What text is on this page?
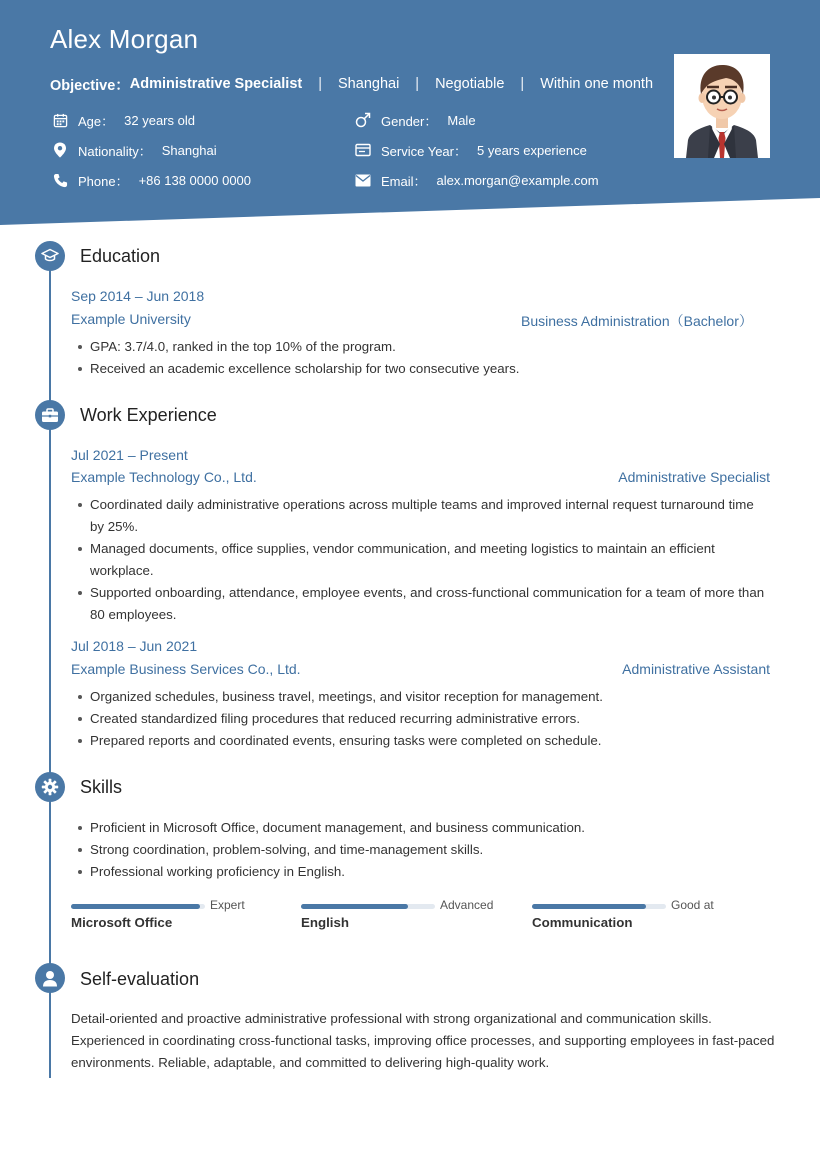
Alex Morgan
Objective： Administrative Specialist | Shanghai | Negotiable | Within one month
Age： 32 years old
Nationality： Shanghai
Phone： +86 138 0000 0000
Gender： Male
Service Year： 5 years experience
Email： alex.morgan@example.com
Education
Sep 2014 – Jun 2018
Example University	Business Administration（Bachelor）
GPA: 3.7/4.0, ranked in the top 10% of the program.
Received an academic excellence scholarship for two consecutive years.
Work Experience
Jul 2021 – Present
Example Technology Co., Ltd.	Administrative Specialist
Coordinated daily administrative operations across multiple teams and improved internal request turnaround time by 25%.
Managed documents, office supplies, vendor communication, and meeting logistics to maintain an efficient workplace.
Supported onboarding, attendance, employee events, and cross-functional communication for a team of more than 80 employees.
Jul 2018 – Jun 2021
Example Business Services Co., Ltd.	Administrative Assistant
Organized schedules, business travel, meetings, and visitor reception for management.
Created standardized filing procedures that reduced recurring administrative errors.
Prepared reports and coordinated events, ensuring tasks were completed on schedule.
Skills
Proficient in Microsoft Office, document management, and business communication.
Strong coordination, problem-solving, and time-management skills.
Professional working proficiency in English.
Expert
Microsoft Office
Advanced
English
Good at
Communication
Self-evaluation
Detail-oriented and proactive administrative professional with strong organizational and communication skills. Experienced in coordinating cross-functional tasks, improving office processes, and supporting employees in fast-paced environments. Reliable, adaptable, and committed to delivering high-quality work.
